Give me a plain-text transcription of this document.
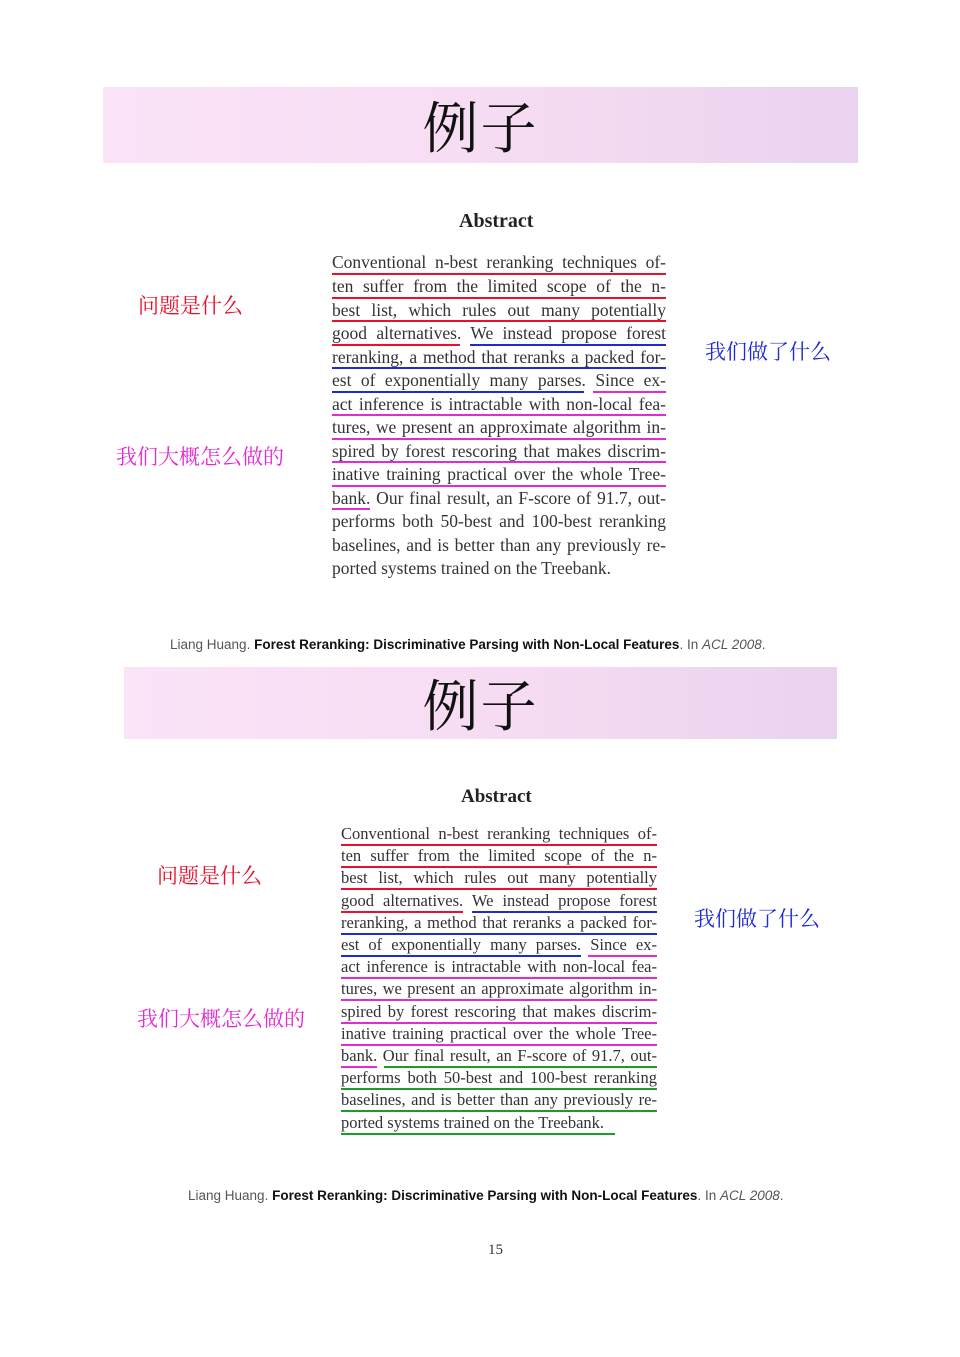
例子
Abstract
Conventional n-best reranking techniques of-
ten suffer from the limited scope of the n-
best list, which rules out many potentially
good alternatives. We instead propose forest
reranking, a method that reranks a packed for-
est of exponentially many parses. Since ex-
act inference is intractable with non-local fea-
tures, we present an approximate algorithm in-
spired by forest rescoring that makes discrim-
inative training practical over the whole Tree-
bank. Our final result, an F-score of 91.7, out-
performs both 50-best and 100-best reranking
baselines, and is better than any previously re-
ported systems trained on the Treebank.
问题是什么
我们做了什么
我们大概怎么做的
Liang Huang. Forest Reranking: Discriminative Parsing with Non-Local Features. In ACL 2008.
例子
Abstract
Conventional n-best reranking techniques of-
ten suffer from the limited scope of the n-
best list, which rules out many potentially
good alternatives. We instead propose forest
reranking, a method that reranks a packed for-
est of exponentially many parses. Since ex-
act inference is intractable with non-local fea-
tures, we present an approximate algorithm in-
spired by forest rescoring that makes discrim-
inative training practical over the whole Tree-
bank. Our final result, an F-score of 91.7, out-
performs both 50-best and 100-best reranking
baselines, and is better than any previously re-
ported systems trained on the Treebank.
问题是什么
我们做了什么
我们大概怎么做的
Liang Huang. Forest Reranking: Discriminative Parsing with Non-Local Features. In ACL 2008.
15
